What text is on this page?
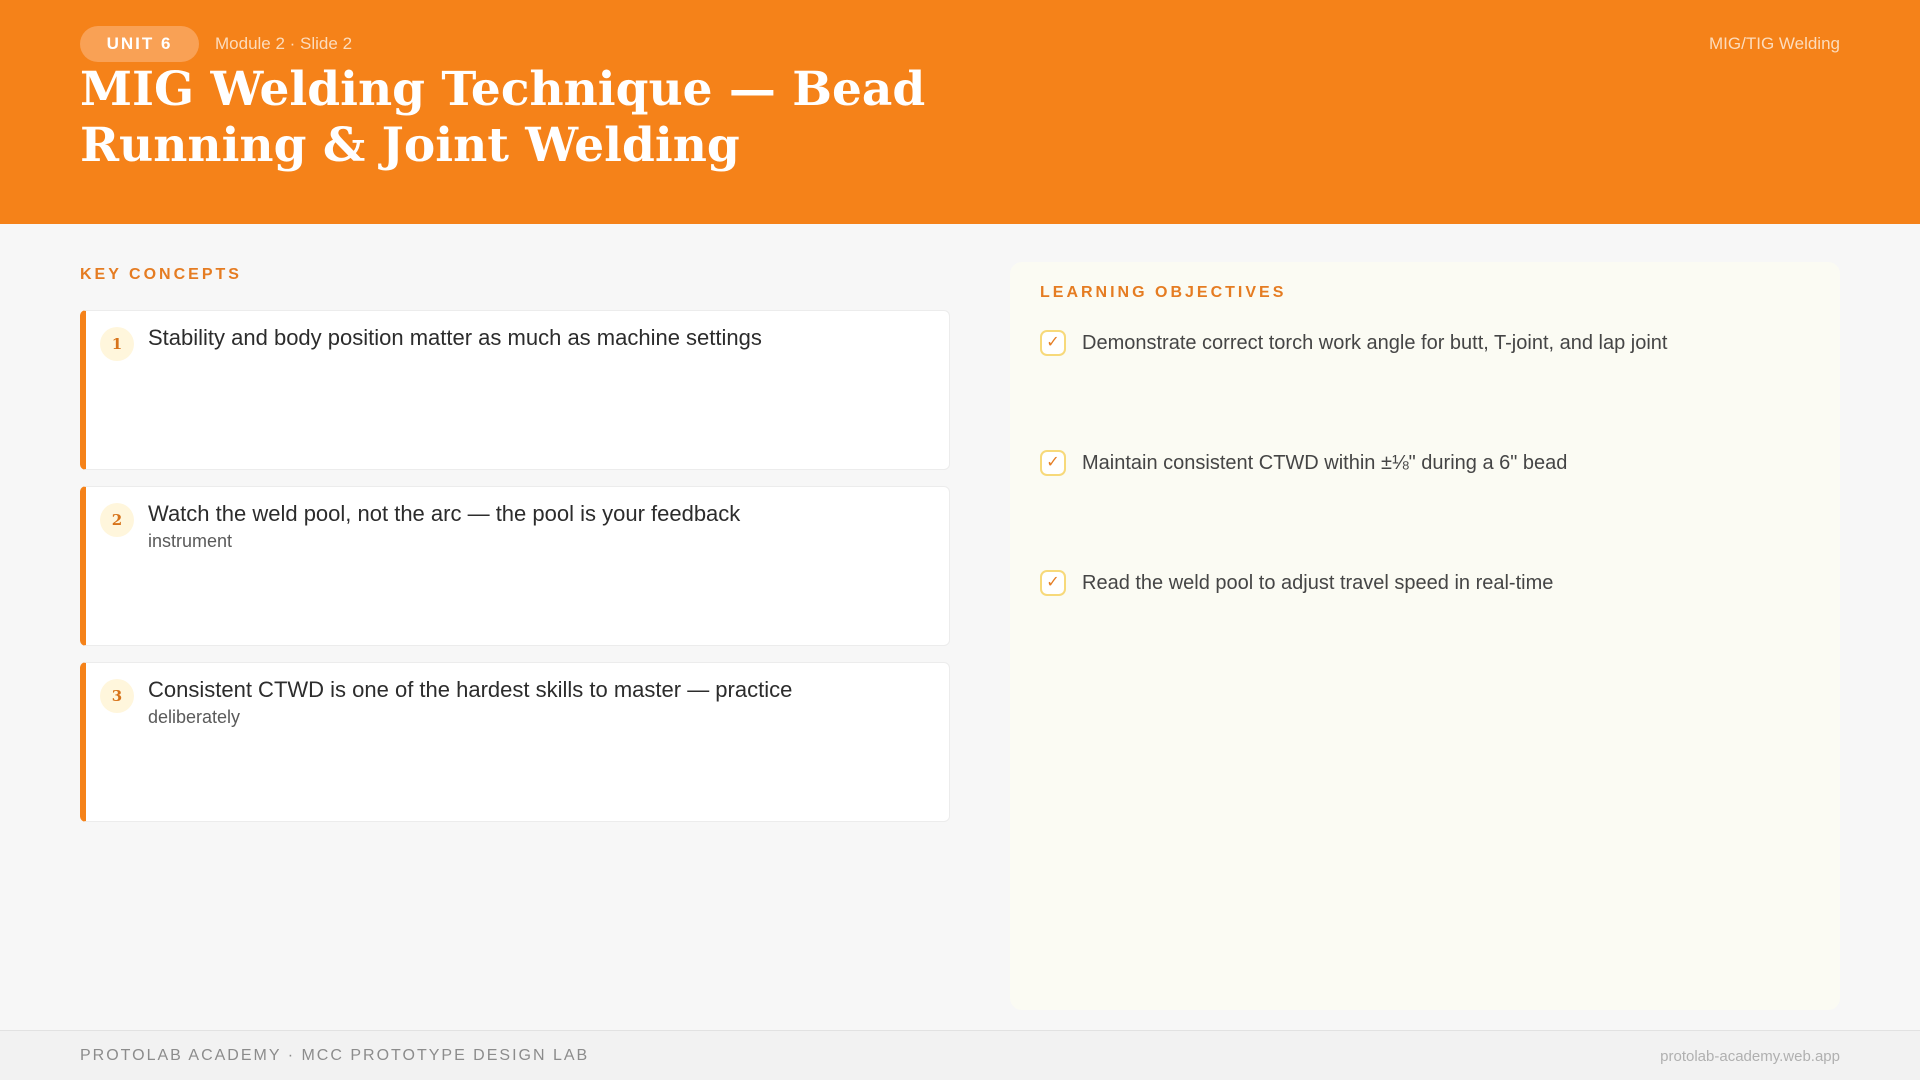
UNIT 6	Module 2 · Slide 2	MIG/TIG Welding
MIG Welding Technique — Bead Running & Joint Welding
KEY CONCEPTS
1	Stability and body position matter as much as machine settings
2	Watch the weld pool, not the arc — the pool is your feedback
instrument
3	Consistent CTWD is one of the hardest skills to master — practice
deliberately
LEARNING OBJECTIVES
✓	Demonstrate correct torch work angle for butt, T-joint, and lap joint
✓	Maintain consistent CTWD within ±⅛" during a 6" bead
✓	Read the weld pool to adjust travel speed in real-time
PROTOLAB ACADEMY · MCC PROTOTYPE DESIGN LAB	protolab-academy.web.app
